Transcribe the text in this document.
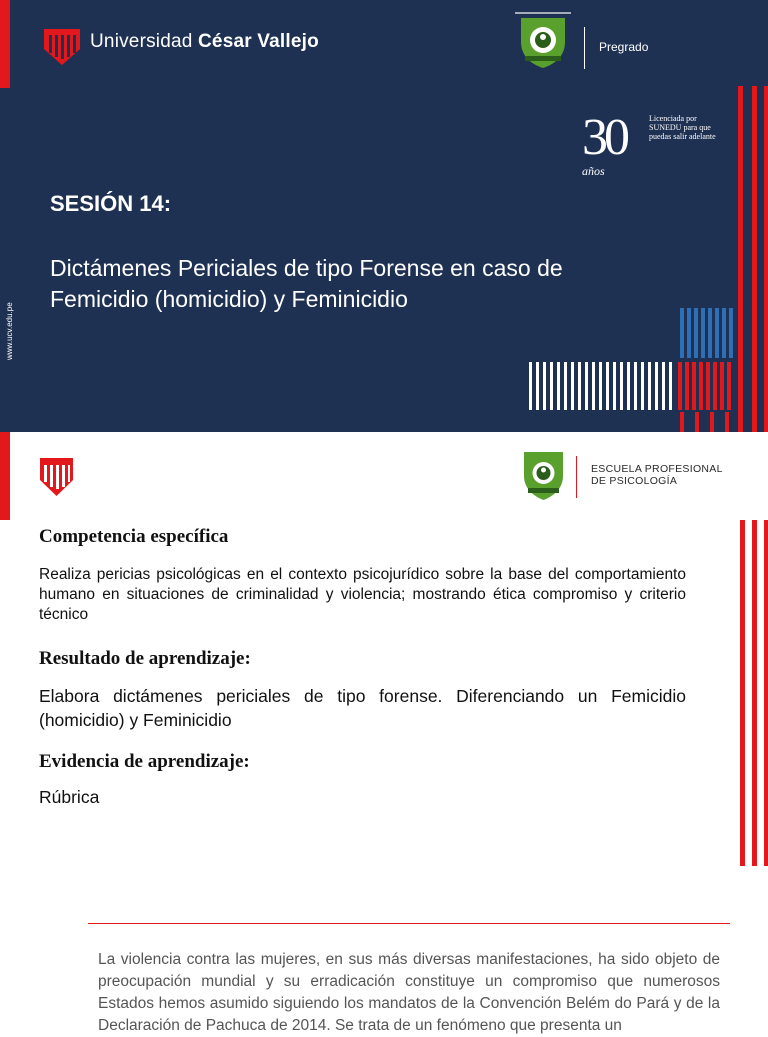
Universidad César Vallejo	Pregrado
30
años
Licenciada por SUNEDU para que puedas salir adelante
SESIÓN 14:
Dictámenes Periciales de tipo Forense en caso de Femicidio (homicidio) y Feminicidio
www.ucv.edu.pe
ESCUELA PROFESIONAL
DE PSICOLOGÍA
Competencia específica
Realiza pericias psicológicas en el contexto psicojurídico sobre la base del comportamiento humano en situaciones de criminalidad y violencia; mostrando ética compromiso y criterio técnico
Resultado de aprendizaje:
Elabora dictámenes periciales de tipo forense. Diferenciando un Femicidio (homicidio) y Feminicidio
Evidencia de aprendizaje:
Rúbrica
La violencia contra las mujeres, en sus más diversas manifestaciones, ha sido objeto de preocupación mundial y su erradicación constituye un compromiso que numerosos Estados hemos asumido siguiendo los mandatos de la Convención Belém do Pará y de la Declaración de Pachuca de 2014. Se trata de un fenómeno que presenta un
